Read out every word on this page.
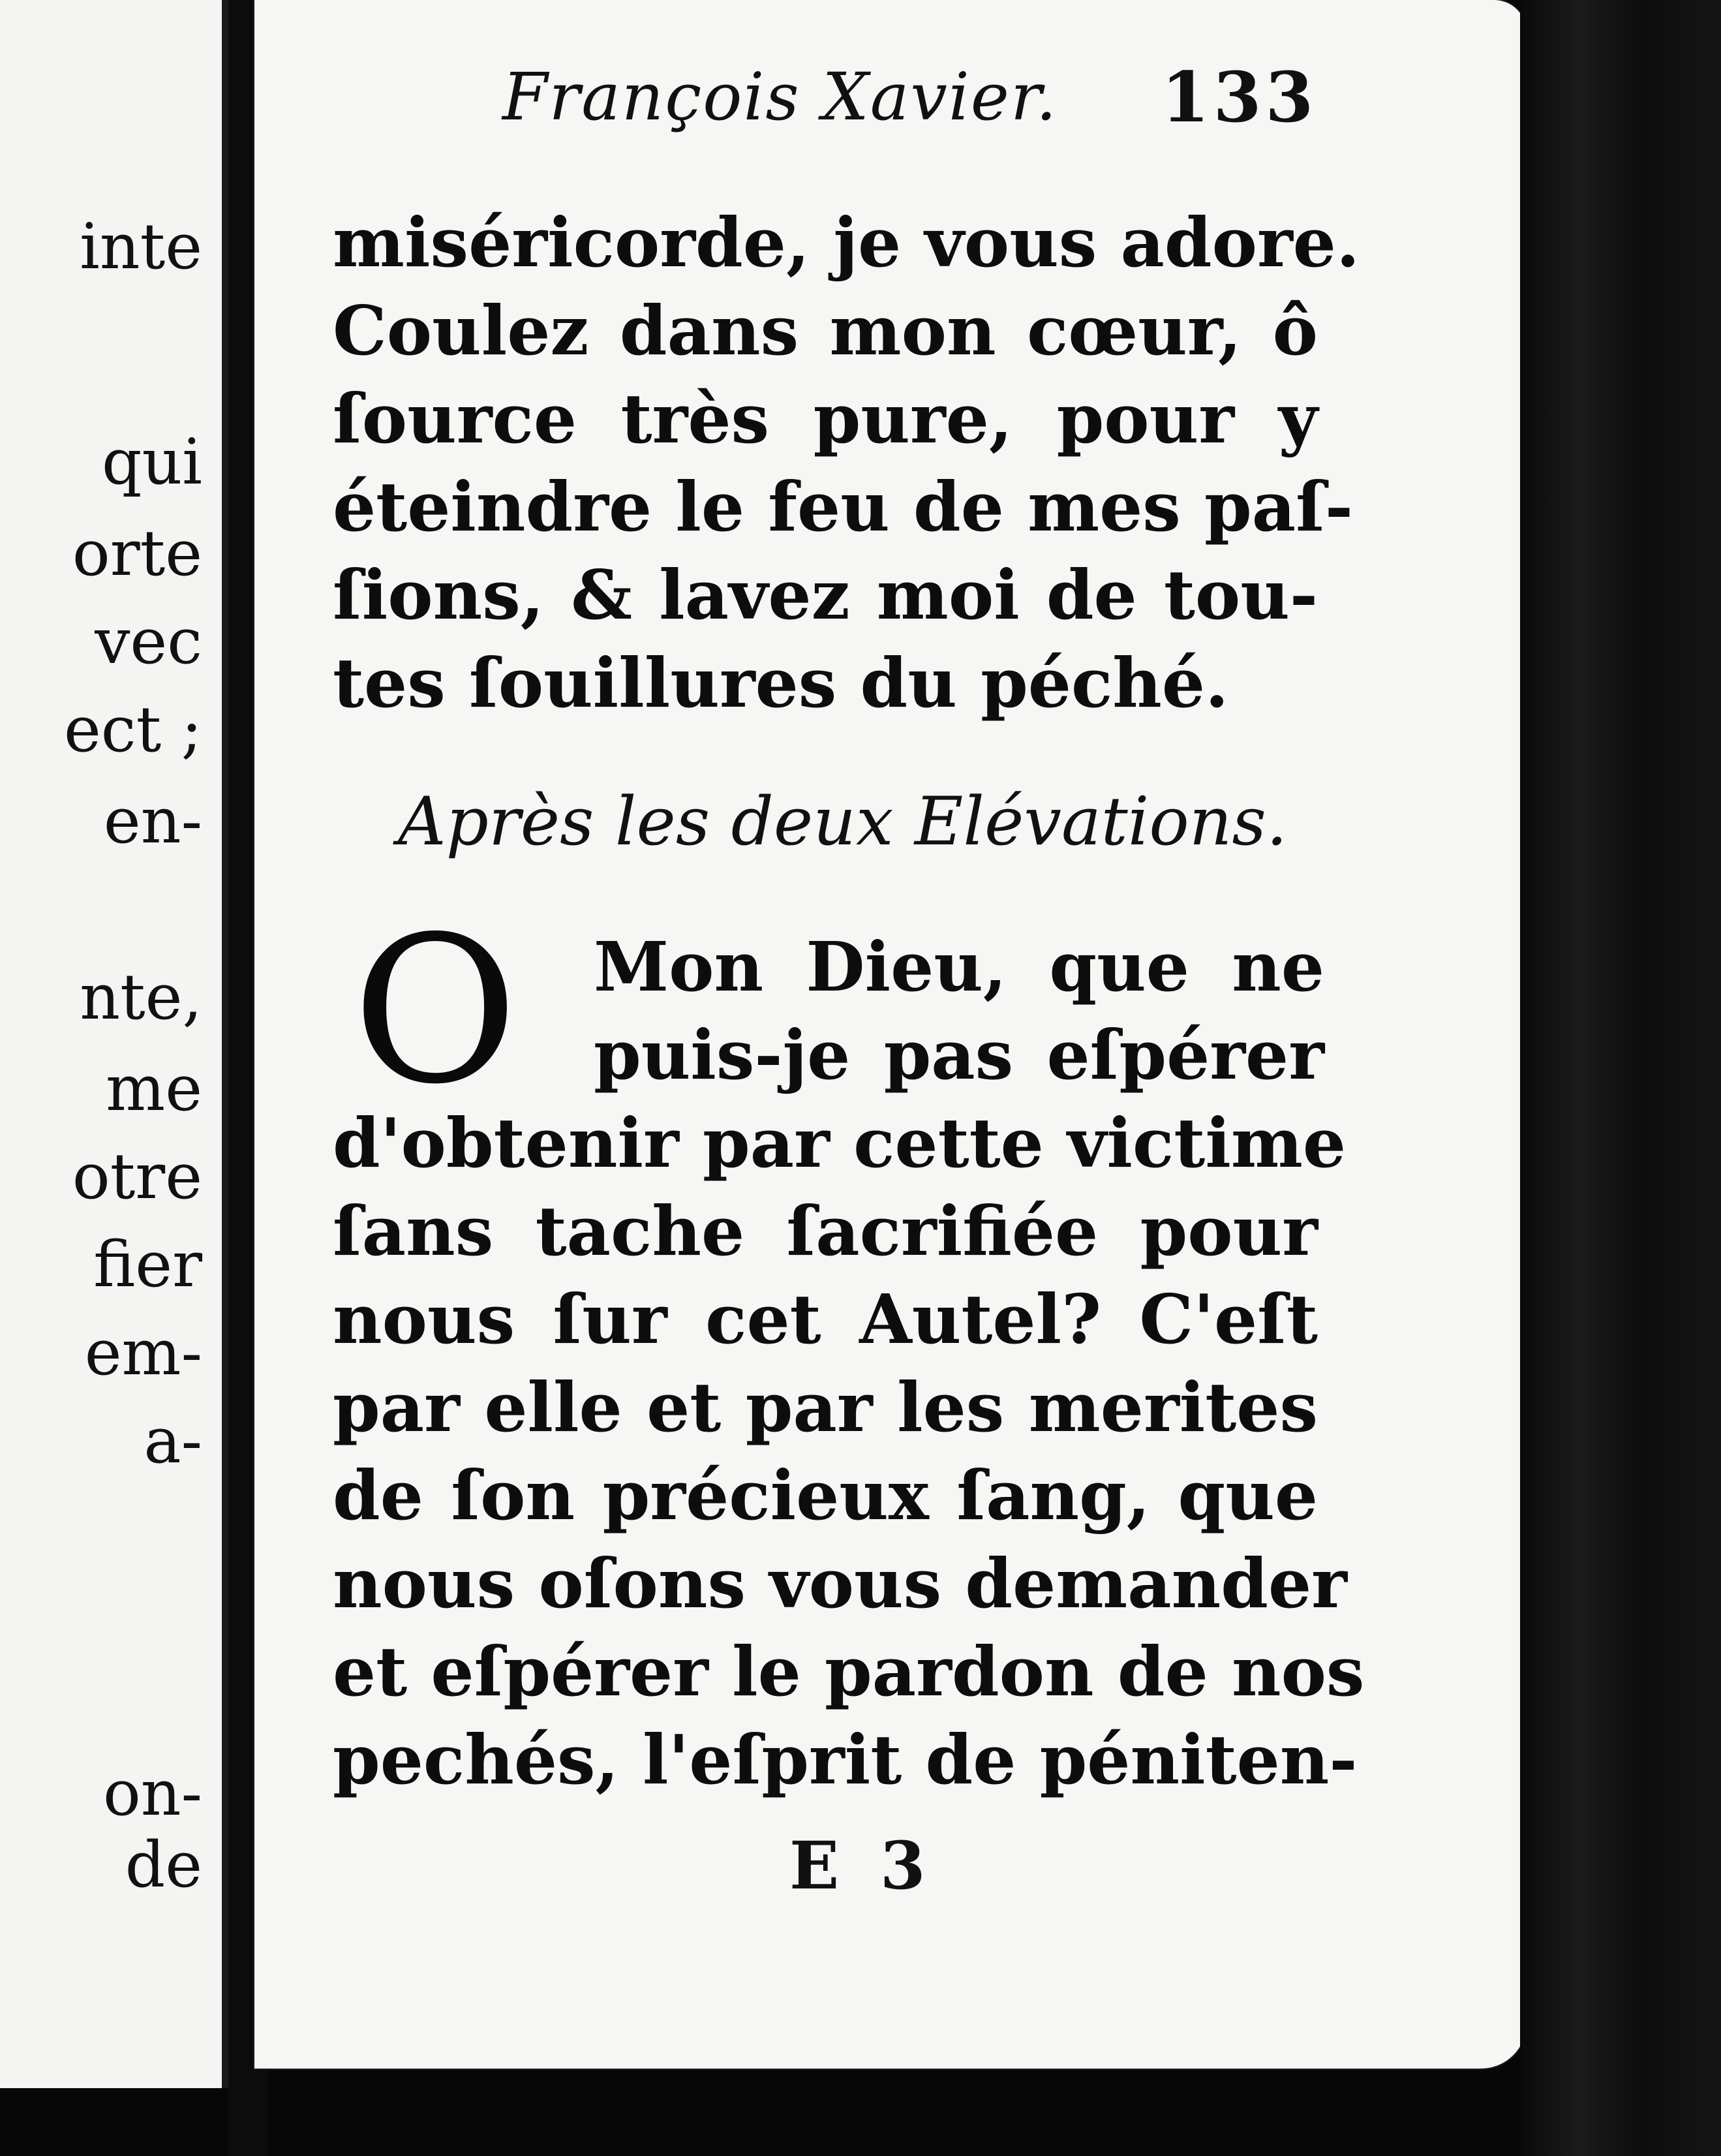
inte
qui
orte
vec
ect ;
en-
nte,
me
otre
fier
em-
a-
on-
de
François Xavier. 133
miséricorde, je vous adore.
Coulez dans mon cœur, ô
ſource très pure, pour y
éteindre le feu de mes paſ-
ſions, & lavez moi de tou-
tes ſouillures du péché.
Après les deux Elévations.
O Mon Dieu, que ne
puis-je pas eſpérer
d'obtenir par cette victime
ſans tache ſacrifiée pour
nous ſur cet Autel? C'eſt
par elle et par les merites
de ſon précieux ſang, que
nous oſons vous demander
et eſpérer le pardon de nos
pechés, l'eſprit de péniten-
E 3
